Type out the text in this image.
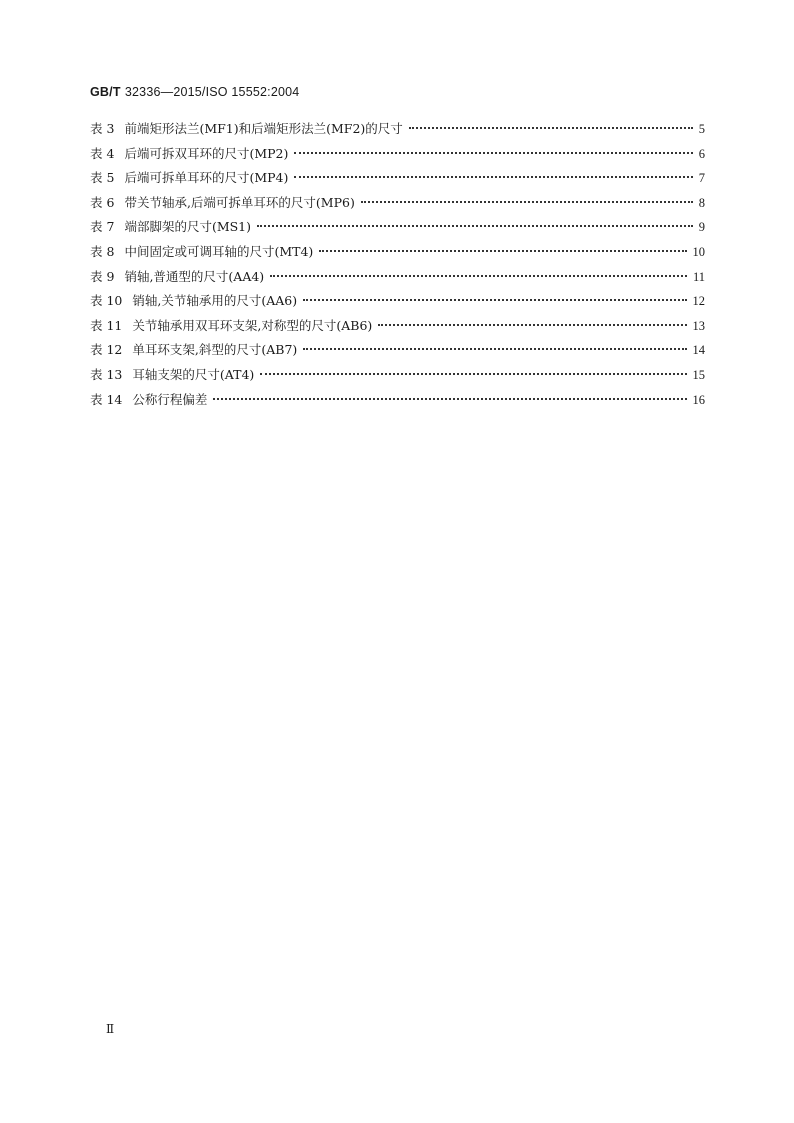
GB/T 32336—2015/ISO 15552:2004
表 3 前端矩形法兰(MF1)和后端矩形法兰(MF2)的尺寸	5
表 4 后端可拆双耳环的尺寸(MP2)	6
表 5 后端可拆单耳环的尺寸(MP4)	7
表 6 带关节轴承,后端可拆单耳环的尺寸(MP6)	8
表 7 端部脚架的尺寸(MS1)	9
表 8 中间固定或可调耳轴的尺寸(MT4)	10
表 9 销轴,普通型的尺寸(AA4)	11
表 10 销轴,关节轴承用的尺寸(AA6)	12
表 11 关节轴承用双耳环支架,对称型的尺寸(AB6)	13
表 12 单耳环支架,斜型的尺寸(AB7)	14
表 13 耳轴支架的尺寸(AT4)	15
表 14 公称行程偏差	16
Ⅱ
